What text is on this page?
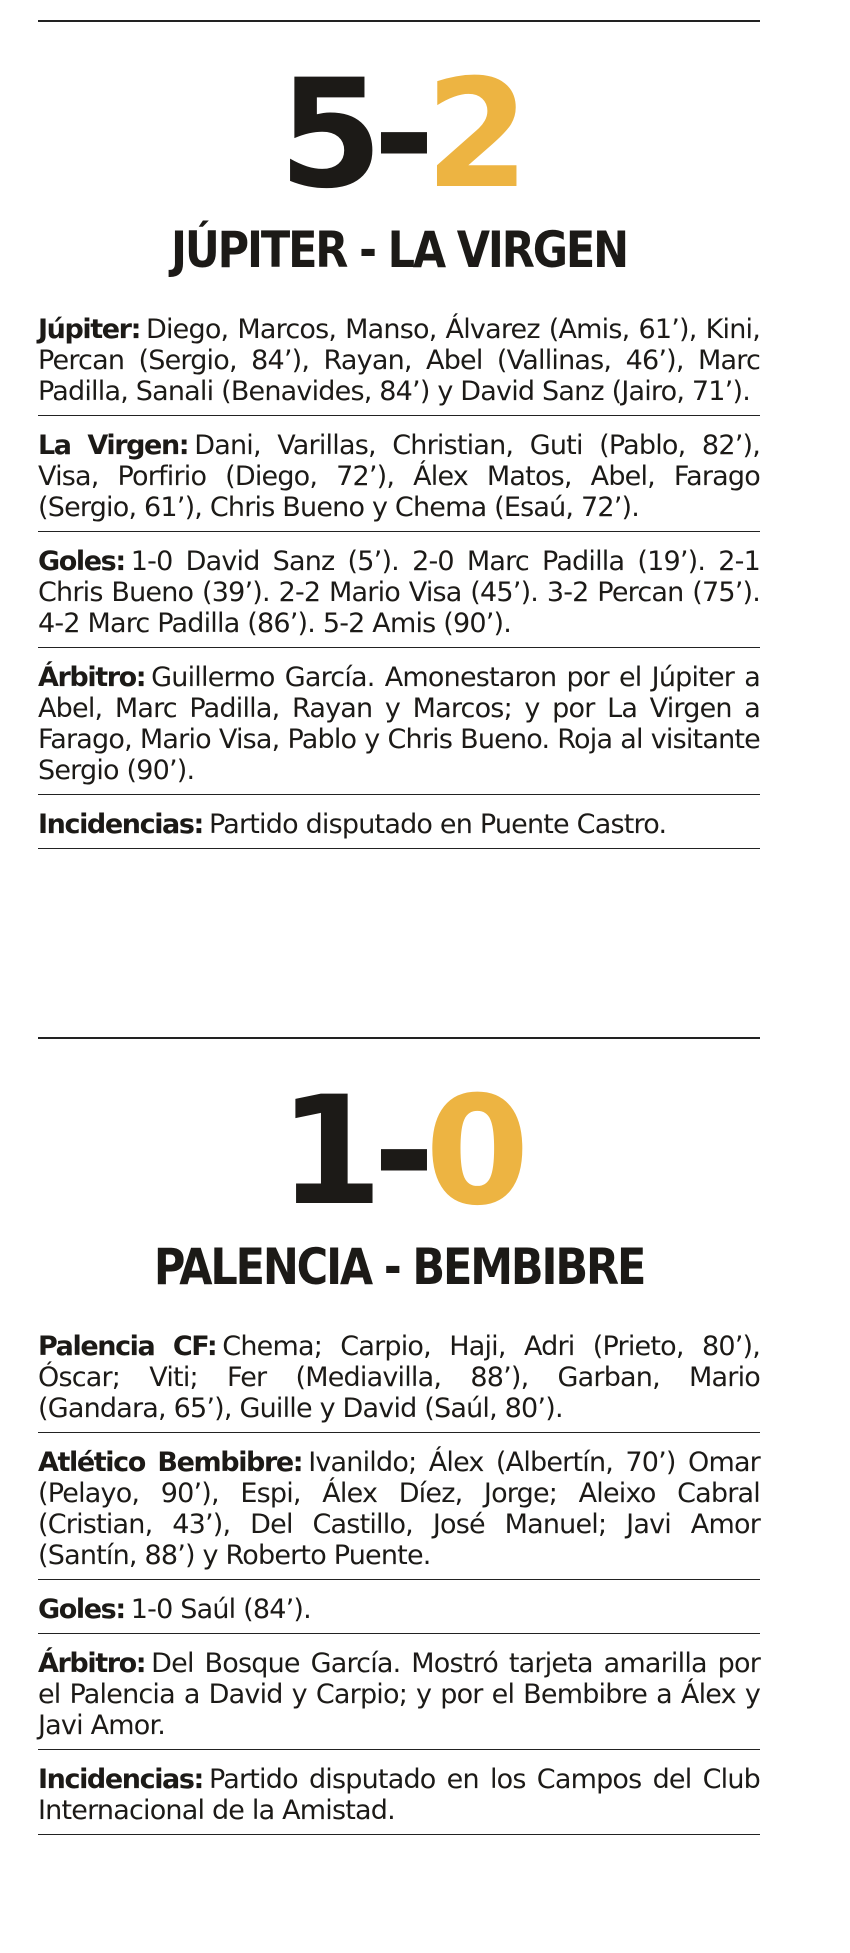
5-2
JÚPITER - LA VIRGEN
Júpiter: Diego, Marcos, Manso, Álvarez (Amis, 61’), Kini, Percan (Sergio, 84’), Rayan, Abel (Vallinas, 46’), Marc Padilla, Sanali (Benavides, 84’) y David Sanz (Jairo, 71’).
La Virgen: Dani, Varillas, Christian, Guti (Pablo, 82’), Visa, Porfirio (Diego, 72’), Álex Matos, Abel, Farago (Sergio, 61’), Chris Bueno y Chema (Esaú, 72’).
Goles: 1-0 David Sanz (5’). 2-0 Marc Padilla (19’). 2-1 Chris Bueno (39’). 2-2 Mario Visa (45’). 3-2 Percan (75’). 4-2 Marc Padilla (86’). 5-2 Amis (90’).
Árbitro: Guillermo García. Amonestaron por el Júpiter a Abel, Marc Padilla, Rayan y Marcos; y por La Virgen a Farago, Mario Visa, Pablo y Chris Bueno. Roja al visitante Sergio (90’).
Incidencias: Partido disputado en Puente Castro.
1-0
PALENCIA - BEMBIBRE
Palencia CF: Chema; Carpio, Haji, Adri (Prieto, 80’), Óscar; Viti; Fer (Mediavilla, 88’), Garban, Mario (Gandara, 65’), Guille y David (Saúl, 80’).
Atlético Bembibre: Ivanildo; Álex (Albertín, 70’) Omar (Pelayo, 90’), Espi, Álex Díez, Jorge; Aleixo Cabral (Cristian, 43’), Del Castillo, José Manuel; Javi Amor (Santín, 88’) y Roberto Puente.
Goles: 1-0 Saúl (84’).
Árbitro: Del Bosque García. Mostró tarjeta amarilla por el Palencia a David y Carpio; y por el Bembibre a Álex y Javi Amor.
Incidencias: Partido disputado en los Campos del Club Internacional de la Amistad.
